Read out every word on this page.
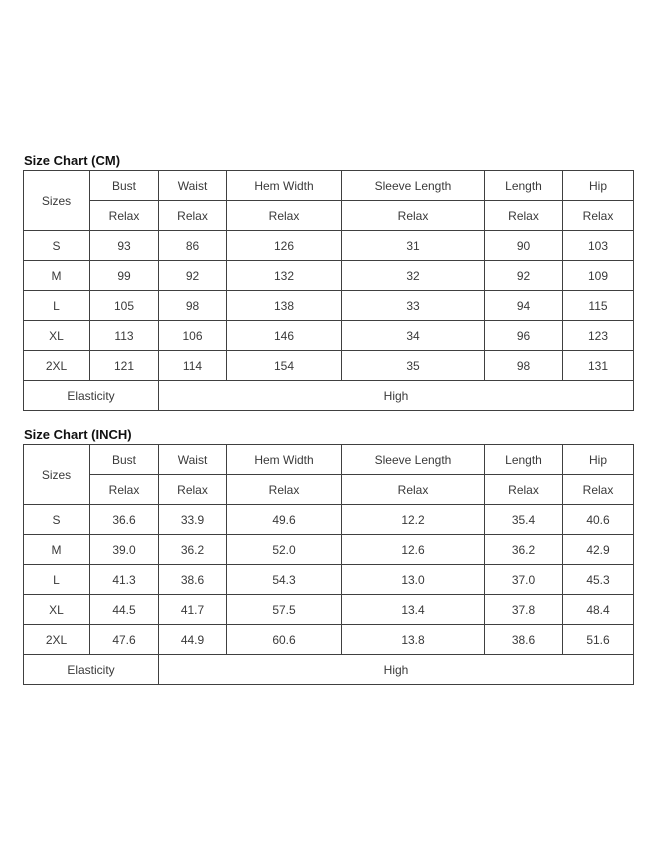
Size Chart (CM)
Sizes	Bust	Waist	Hem Width	Sleeve Length	Length	Hip
	Relax	Relax	Relax	Relax	Relax	Relax
S	93	86	126	31	90	103
M	99	92	132	32	92	109
L	105	98	138	33	94	115
XL	113	106	146	34	96	123
2XL	121	114	154	35	98	131
Elasticity		High				
Size Chart (INCH)
Sizes	Bust	Waist	Hem Width	Sleeve Length	Length	Hip
	Relax	Relax	Relax	Relax	Relax	Relax
S	36.6	33.9	49.6	12.2	35.4	40.6
M	39.0	36.2	52.0	12.6	36.2	42.9
L	41.3	38.6	54.3	13.0	37.0	45.3
XL	44.5	41.7	57.5	13.4	37.8	48.4
2XL	47.6	44.9	60.6	13.8	38.6	51.6
Elasticity		High				
